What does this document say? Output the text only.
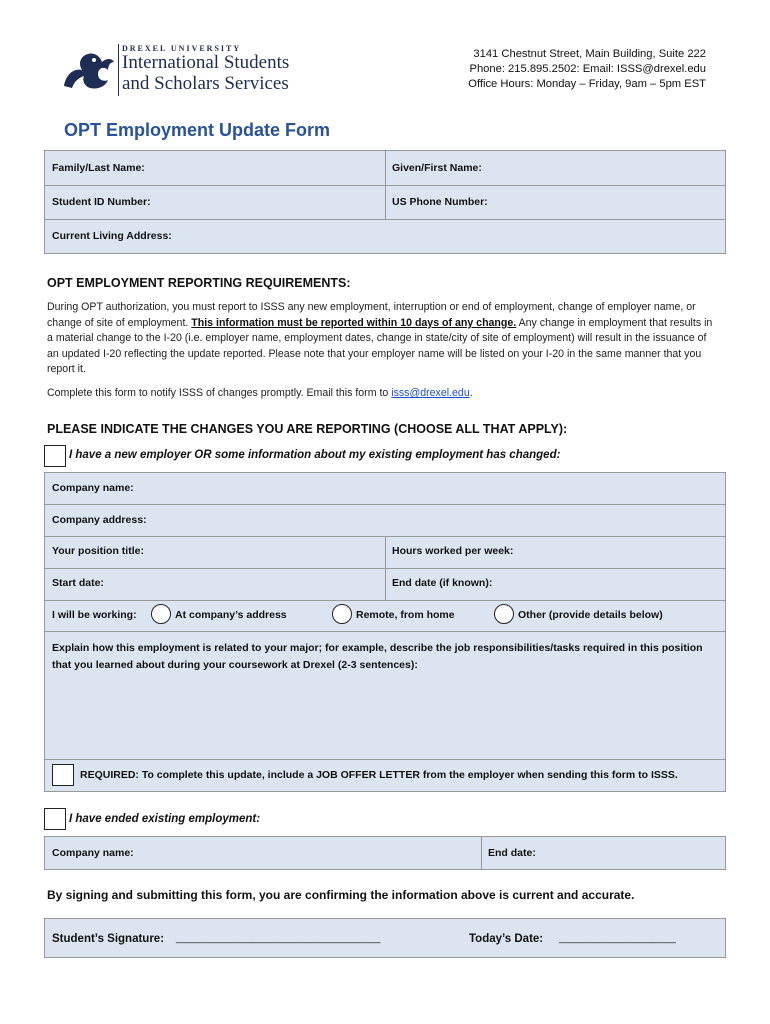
DREXEL UNIVERSITY
International Students
and Scholars Services
3141 Chestnut Street, Main Building, Suite 222
Phone: 215.895.2502: Email: ISSS@drexel.edu
Office Hours: Monday – Friday, 9am – 5pm EST
OPT Employment Update Form
Family/Last Name:	Given/First Name:
Student ID Number:	US Phone Number:
Current Living Address:
OPT EMPLOYMENT REPORTING REQUIREMENTS:
During OPT authorization, you must report to ISSS any new employment, interruption or end of employment, change of employer name, or change of site of employment. This information must be reported within 10 days of any change. Any change in employment that results in a material change to the I-20 (i.e. employer name, employment dates, change in state/city of site of employment) will result in the issuance of an updated I-20 reflecting the update reported. Please note that your employer name will be listed on your I-20 in the same manner that you report it.
Complete this form to notify ISSS of changes promptly. Email this form to isss@drexel.edu.
PLEASE INDICATE THE CHANGES YOU ARE REPORTING (CHOOSE ALL THAT APPLY):
I have a new employer OR some information about my existing employment has changed:
Company name:
Company address:
Your position title:	Hours worked per week:
Start date:	End date (if known):
I will be working:	At company’s address	Remote, from home	Other (provide details below)
Explain how this employment is related to your major; for example, describe the job responsibilities/tasks required in this position that you learned about during your coursework at Drexel (2-3 sentences):
REQUIRED: To complete this update, include a JOB OFFER LETTER from the employer when sending this form to ISSS.
I have ended existing employment:
Company name:	End date:
By signing and submitting this form, you are confirming the information above is current and accurate.
Student’s Signature: ___________________________________	Today’s Date: ____________________
